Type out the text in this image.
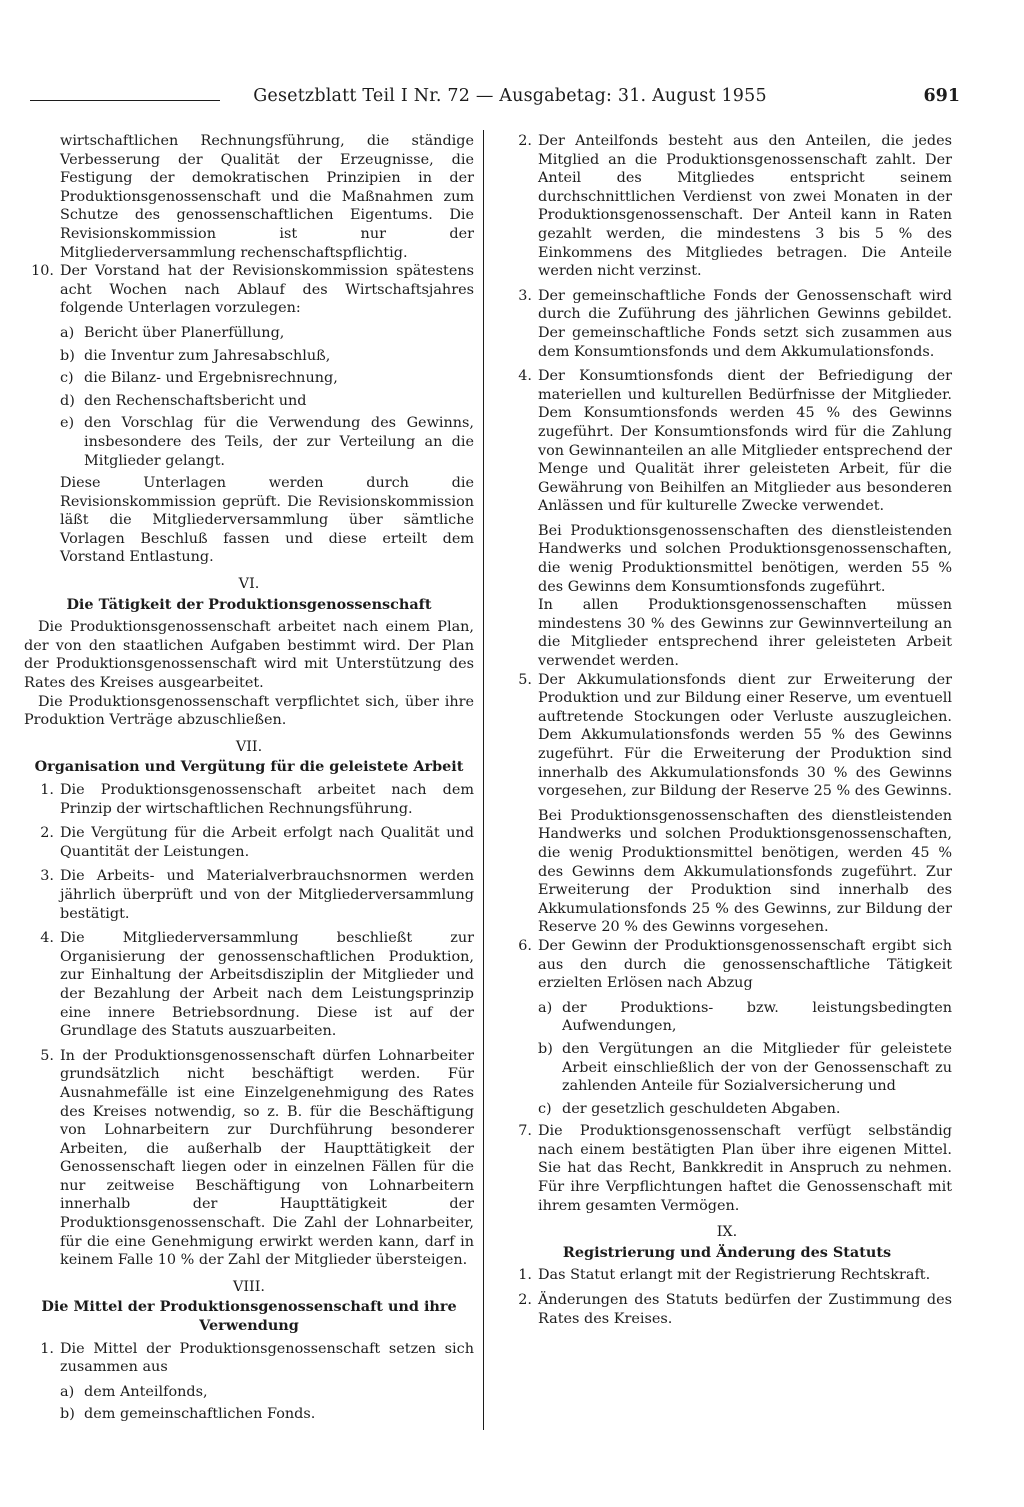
Gesetzblatt Teil I Nr. 72 — Ausgabetag: 31. August 1955	691

wirtschaftlichen Rechnungsführung, die ständige Verbesserung der Qualität der Erzeugnisse, die Festigung der demokratischen Prinzipien in der Produktionsgenossenschaft und die Maßnahmen zum Schutze des genossenschaftlichen Eigentums. Die Revisionskommission ist nur der Mitgliederversammlung rechenschaftspflichtig.

10. Der Vorstand hat der Revisionskommission spätestens acht Wochen nach Ablauf des Wirtschaftsjahres folgende Unterlagen vorzulegen:

a) Bericht über Planerfüllung,
b) die Inventur zum Jahresabschluß,
c) die Bilanz- und Ergebnisrechnung,
d) den Rechenschaftsbericht und
e) den Vorschlag für die Verwendung des Gewinns, insbesondere des Teils, der zur Verteilung an die Mitglieder gelangt.

Diese Unterlagen werden durch die Revisionskommission geprüft. Die Revisionskommission läßt die Mitgliederversammlung über sämtliche Vorlagen Beschluß fassen und diese erteilt dem Vorstand Entlastung.

VI.
Die Tätigkeit der Produktionsgenossenschaft

Die Produktionsgenossenschaft arbeitet nach einem Plan, der von den staatlichen Aufgaben bestimmt wird. Der Plan der Produktionsgenossenschaft wird mit Unterstützung des Rates des Kreises ausgearbeitet.

Die Produktionsgenossenschaft verpflichtet sich, über ihre Produktion Verträge abzuschließen.

VII.
Organisation und Vergütung für die geleistete Arbeit
1. Die Produktionsgenossenschaft arbeitet nach dem Prinzip der wirtschaftlichen Rechnungsführung.

2. Die Vergütung für die Arbeit erfolgt nach Qualität und Quantität der Leistungen.

3. Die Arbeits- und Materialverbrauchsnormen werden jährlich überprüft und von der Mitgliederversammlung bestätigt.

4. Die Mitgliederversammlung beschließt zur Organisierung der genossenschaftlichen Produktion, zur Einhaltung der Arbeitsdisziplin der Mitglieder und der Bezahlung der Arbeit nach dem Leistungsprinzip eine innere Betriebsordnung. Diese ist auf der Grundlage des Statuts auszuarbeiten.

5. In der Produktionsgenossenschaft dürfen Lohnarbeiter grundsätzlich nicht beschäftigt werden. Für Ausnahmefälle ist eine Einzelgenehmigung des Rates des Kreises notwendig, so z. B. für die Beschäftigung von Lohnarbeitern zur Durchführung besonderer Arbeiten, die außerhalb der Haupttätigkeit der Genossenschaft liegen oder in einzelnen Fällen für die nur zeitweise Beschäftigung von Lohnarbeitern innerhalb der Haupttätigkeit der Produktionsgenossenschaft. Die Zahl der Lohnarbeiter, für die eine Genehmigung erwirkt werden kann, darf in keinem Falle 10 % der Zahl der Mitglieder übersteigen.

VIII.
Die Mittel der Produktionsgenossenschaft und ihre Verwendung
1. Die Mittel der Produktionsgenossenschaft setzen sich zusammen aus

a) dem Anteilfonds,
b) dem gemeinschaftlichen Fonds.
2. Der Anteilfonds besteht aus den Anteilen, die jedes Mitglied an die Produktionsgenossenschaft zahlt. Der Anteil des Mitgliedes entspricht seinem durchschnittlichen Verdienst von zwei Monaten in der Produktionsgenossenschaft. Der Anteil kann in Raten gezahlt werden, die mindestens 3 bis 5 % des Einkommens des Mitgliedes betragen. Die Anteile werden nicht verzinst.

3. Der gemeinschaftliche Fonds der Genossenschaft wird durch die Zuführung des jährlichen Gewinns gebildet. Der gemeinschaftliche Fonds setzt sich zusammen aus dem Konsumtionsfonds und dem Akkumulationsfonds.

4. Der Konsumtionsfonds dient der Befriedigung der materiellen und kulturellen Bedürfnisse der Mitglieder. Dem Konsumtionsfonds werden 45 % des Gewinns zugeführt. Der Konsumtionsfonds wird für die Zahlung von Gewinnanteilen an alle Mitglieder entsprechend der Menge und Qualität ihrer geleisteten Arbeit, für die Gewährung von Beihilfen an Mitglieder aus besonderen Anlässen und für kulturelle Zwecke verwendet.

Bei Produktionsgenossenschaften des dienstleistenden Handwerks und solchen Produktionsgenossenschaften, die wenig Produktionsmittel benötigen, werden 55 % des Gewinns dem Konsumtionsfonds zugeführt.

In allen Produktionsgenossenschaften müssen mindestens 30 % des Gewinns zur Gewinnverteilung an die Mitglieder entsprechend ihrer geleisteten Arbeit verwendet werden.

5. Der Akkumulationsfonds dient zur Erweiterung der Produktion und zur Bildung einer Reserve, um eventuell auftretende Stockungen oder Verluste auszugleichen. Dem Akkumulationsfonds werden 55 % des Gewinns zugeführt. Für die Erweiterung der Produktion sind innerhalb des Akkumulationsfonds 30 % des Gewinns vorgesehen, zur Bildung der Reserve 25 % des Gewinns.

Bei Produktionsgenossenschaften des dienstleistenden Handwerks und solchen Produktionsgenossenschaften, die wenig Produktionsmittel benötigen, werden 45 % des Gewinns dem Akkumulationsfonds zugeführt. Zur Erweiterung der Produktion sind innerhalb des Akkumulationsfonds 25 % des Gewinns, zur Bildung der Reserve 20 % des Gewinns vorgesehen.

6. Der Gewinn der Produktionsgenossenschaft ergibt sich aus den durch die genossenschaftliche Tätigkeit erzielten Erlösen nach Abzug

a) der Produktions- bzw. leistungsbedingten Aufwendungen,
b) den Vergütungen an die Mitglieder für geleistete Arbeit einschließlich der von der Genossenschaft zu zahlenden Anteile für Sozialversicherung und
c) der gesetzlich geschuldeten Abgaben.
7. Die Produktionsgenossenschaft verfügt selbständig nach einem bestätigten Plan über ihre eigenen Mittel. Sie hat das Recht, Bankkredit in Anspruch zu nehmen. Für ihre Verpflichtungen haftet die Genossenschaft mit ihrem gesamten Vermögen.

IX.
Registrierung und Änderung des Statuts
1. Das Statut erlangt mit der Registrierung Rechtskraft.

2. Änderungen des Statuts bedürfen der Zustimmung des Rates des Kreises.
